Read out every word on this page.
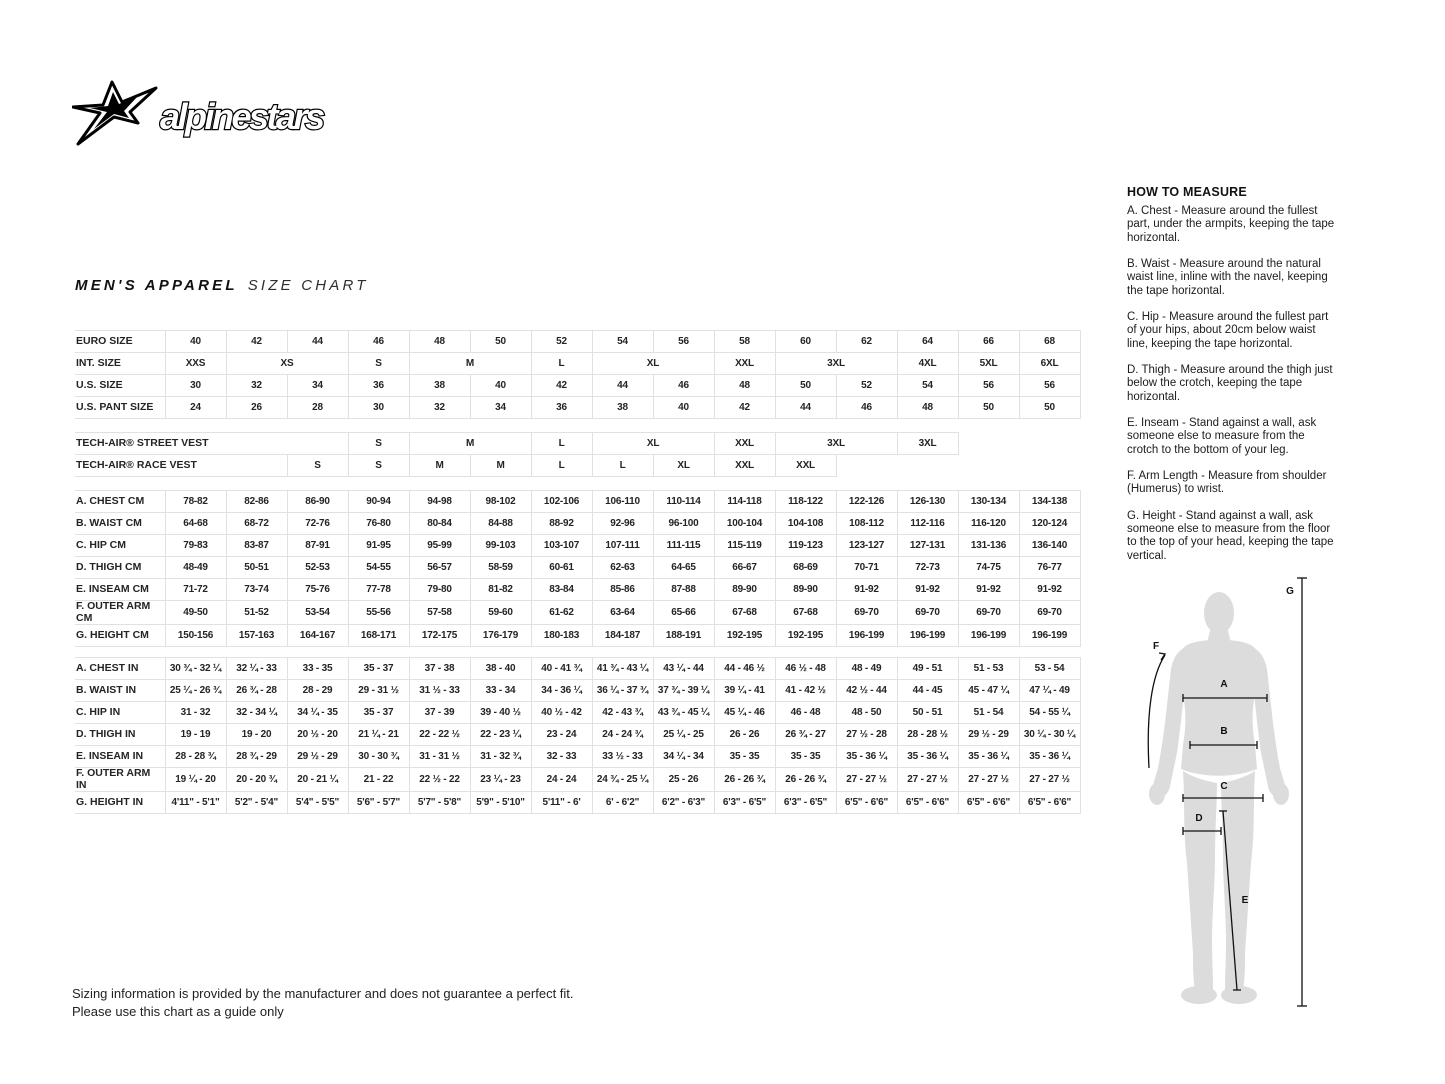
alpinestars
MEN'S APPAREL SIZE CHART
EURO SIZE	40	42	44	46	48	50	52	54	56	58	60	62	64	66	68
INT. SIZE	XXS	XS		S	M		L	XL		XXL	3XL		4XL	5XL	6XL
U.S. SIZE	30	32	34	36	38	40	42	44	46	48	50	52	54	56	56
U.S. PANT SIZE	24	26	28	30	32	34	36	38	40	42	44	46	48	50	50
TECH-AIR® STREET VEST		S	M		L	XL		XXL	3XL		3XL	
TECH-AIR® RACE VEST	S	S	M	M	L	L	XL	XXL	XXL			
A. CHEST CM	78-82	82-86	86-90	90-94	94-98	98-102	102-106	106-110	110-114	114-118	118-122	122-126	126-130	130-134	134-138
B. WAIST CM	64-68	68-72	72-76	76-80	80-84	84-88	88-92	92-96	96-100	100-104	104-108	108-112	112-116	116-120	120-124
C. HIP CM	79-83	83-87	87-91	91-95	95-99	99-103	103-107	107-111	111-115	115-119	119-123	123-127	127-131	131-136	136-140
D. THIGH CM	48-49	50-51	52-53	54-55	56-57	58-59	60-61	62-63	64-65	66-67	68-69	70-71	72-73	74-75	76-77
E. INSEAM CM	71-72	73-74	75-76	77-78	79-80	81-82	83-84	85-86	87-88	89-90	89-90	91-92	91-92	91-92	91-92
F. OUTER ARM CM	49-50	51-52	53-54	55-56	57-58	59-60	61-62	63-64	65-66	67-68	67-68	69-70	69-70	69-70	69-70
G. HEIGHT CM	150-156	157-163	164-167	168-171	172-175	176-179	180-183	184-187	188-191	192-195	192-195	196-199	196-199	196-199	196-199
A. CHEST IN	30 ¾ - 32 ¼	32 ¼ - 33	33 - 35	35 - 37	37 - 38	38 - 40	40 - 41 ¾	41 ¾ - 43 ¼	43 ¼ - 44	44 - 46 ½	46 ½ - 48	48 - 49	49 - 51	51 - 53	53 - 54
B. WAIST IN	25 ¼ - 26 ¾	26 ¾ - 28	28 - 29	29 - 31 ½	31 ½ - 33	33 - 34	34 - 36 ¼	36 ¼ - 37 ¾	37 ¾ - 39 ¼	39 ¼ - 41	41 - 42 ½	42 ½ - 44	44 - 45	45 - 47 ¼	47 ¼ - 49
C. HIP IN	31 - 32	32 - 34 ¼	34 ¼ - 35	35 - 37	37 - 39	39 - 40 ½	40 ½ - 42	42 - 43 ¾	43 ¾ - 45 ¼	45 ¼ - 46	46 - 48	48 - 50	50 - 51	51 - 54	54 - 55 ¼
D. THIGH IN	19 - 19	19 - 20	20 ½ - 20	21 ¼ - 21	22 - 22 ½	22 - 23 ¼	23 - 24	24 - 24 ¾	25 ¼ - 25	26 - 26	26 ¾ - 27	27 ½ - 28	28 - 28 ½	29 ½ - 29	30 ¼ - 30 ¼
E. INSEAM IN	28 - 28 ¾	28 ¾ - 29	29 ½ - 29	30 - 30 ¾	31 - 31 ½	31 - 32 ¾	32 - 33	33 ½ - 33	34 ¼ - 34	35 - 35	35 - 35	35 - 36 ¼	35 - 36 ¼	35 - 36 ¼	35 - 36 ¼
F. OUTER ARM IN	19 ¼ - 20	20 - 20 ¾	20 - 21 ¼	21 - 22	22 ½ - 22	23 ¼ - 23	24 - 24	24 ¾ - 25 ¼	25 - 26	26 - 26 ¾	26 - 26 ¾	27 - 27 ½	27 - 27 ½	27 - 27 ½	27 - 27 ½
G. HEIGHT IN	4'11" - 5'1"	5'2" - 5'4"	5'4" - 5'5"	5'6" - 5'7"	5'7" - 5'8"	5'9" - 5'10"	5'11" - 6'	6' - 6'2"	6'2" - 6'3"	6'3" - 6'5"	6'3" - 6'5"	6'5" - 6'6"	6'5" - 6'6"	6'5" - 6'6"	6'5" - 6'6"
HOW TO MEASURE

A. Chest - Measure around the fullest part, under the armpits, keeping the tape horizontal.

B. Waist - Measure around the natural waist line, inline with the navel, keeping the tape horizontal.

C. Hip - Measure around the fullest part of your hips, about 20cm below waist line, keeping the tape horizontal.

D. Thigh - Measure around the thigh just below the crotch, keeping the tape horizontal.

E. Inseam - Stand against a wall, ask someone else to measure from the crotch to the bottom of your leg.

F. Arm Length - Measure from shoulder (Humerus) to wrist.

G. Height - Stand against a wall, ask someone else to measure from the floor to the top of your head, keeping the tape vertical.

A
B
C
D
E
F
G
Sizing information is provided by the manufacturer and does not guarantee a perfect fit.
Please use this chart as a guide only
